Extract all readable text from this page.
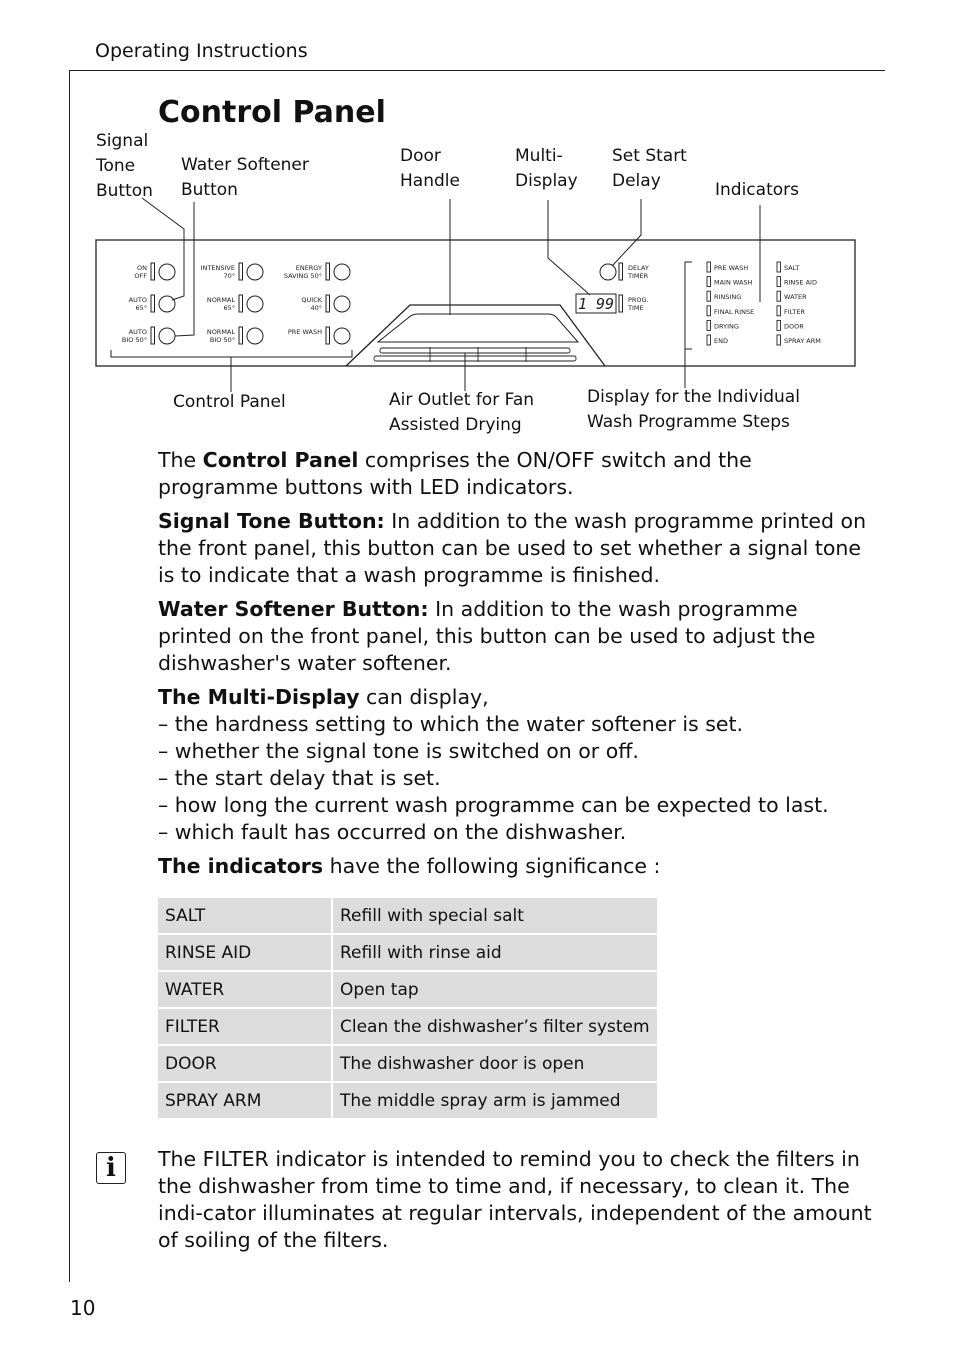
Operating Instructions
Control Panel
Signal
Tone
Button
Water Softener
Button
Door
Handle
Multi-
Display
Set Start
Delay	Indicators
Control Panel	Air Outlet for Fan
Assisted Drying
Display for the Individual
Wash Programme Steps
ON OFF
AUTO 65°
AUTO BIO 50°
INTENSIVE 70°
NORMAL 65°
NORMAL BIO 50°
ENERGY SAVING 50°
QUICK 40°
PRE WASH
1 99
DELAY TIMER
PROG. TIME
PRE WASH
MAIN WASH
RINSING
FINAL RINSE
DRYING
END
SALT
RINSE AID
WATER
FILTER
DOOR
SPRAY ARM

The Control Panel comprises the ON/OFF switch and the programme buttons with LED indicators.

Signal Tone Button: In addition to the wash programme printed on the front panel, this button can be used to set whether a signal tone is to indicate that a wash programme is finished.

Water Softener Button: In addition to the wash programme printed on the front panel, this button can be used to adjust the dishwasher's water softener.

The Multi-Display can display,
– the hardness setting to which the water softener is set.
– whether the signal tone is switched on or off.
– the start delay that is set.
– how long the current wash programme can be expected to last.
– which fault has occurred on the dishwasher.

The indicators have the following significance :

SALT	Refill with special salt
RINSE AID	Refill with rinse aid
WATER	Open tap
FILTER	Clean the dishwasher’s filter system
DOOR	The dishwasher door is open
SPRAY ARM	The middle spray arm is jammed
i	The FILTER indicator is intended to remind you to check the filters in the dishwasher from time to time and, if necessary, to clean it. The indi-cator illuminates at regular intervals, independent of the amount of soiling of the filters.
10
